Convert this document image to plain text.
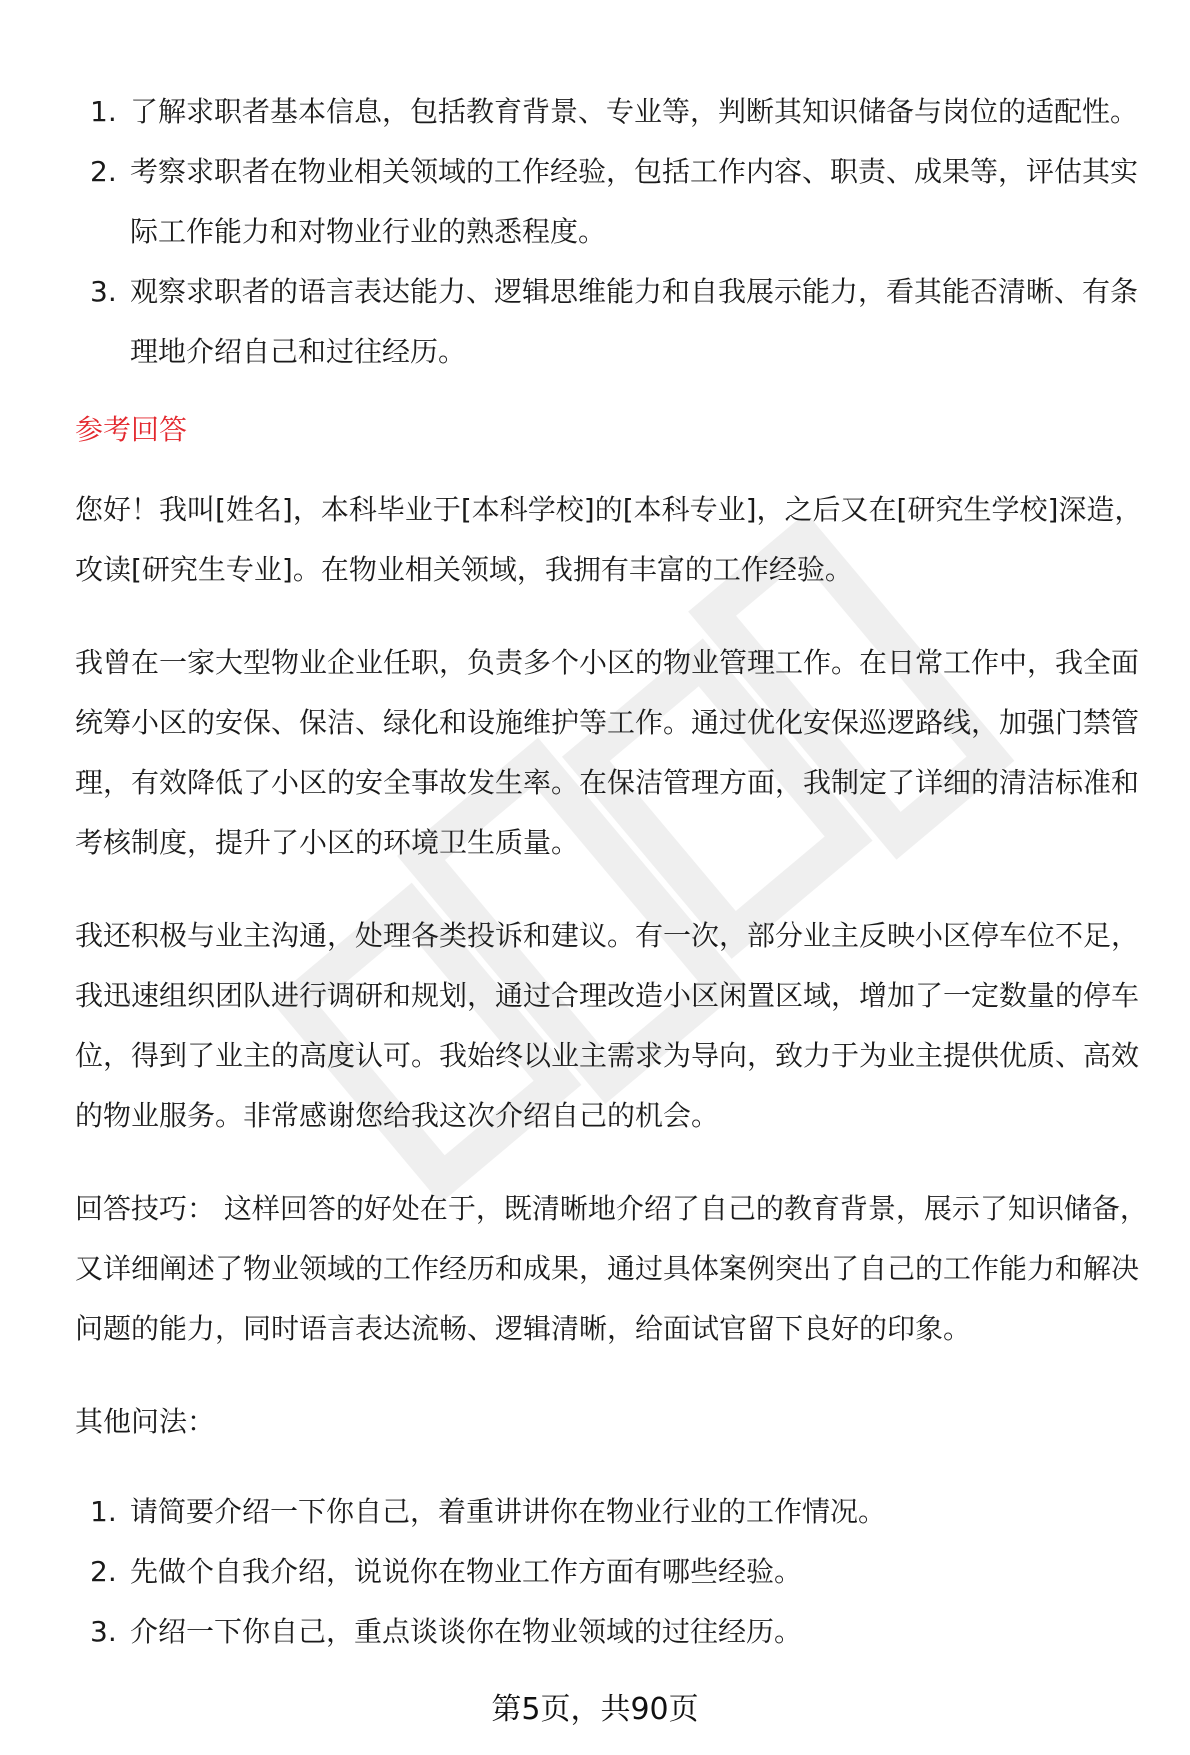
1. 了解求职者基本信息，包括教育背景、专业等，判断其知识储备与岗位的适配性。
2. 考察求职者在物业相关领域的工作经验，包括工作内容、职责、成果等，评估其实际工作能力和对物业行业的熟悉程度。
3. 观察求职者的语言表达能力、逻辑思维能力和自我展示能力，看其能否清晰、有条理地介绍自己和过往经历。
参考回答

您好！我叫[姓名]，本科毕业于[本科学校]的[本科专业]，之后又在[研究生学校]深造，攻读[研究生专业]。在物业相关领域，我拥有丰富的工作经验。

我曾在一家大型物业企业任职，负责多个小区的物业管理工作。在日常工作中，我全面统筹小区的安保、保洁、绿化和设施维护等工作。通过优化安保巡逻路线，加强门禁管理，有效降低了小区的安全事故发生率。在保洁管理方面，我制定了详细的清洁标准和考核制度，提升了小区的环境卫生质量。

我还积极与业主沟通，处理各类投诉和建议。有一次，部分业主反映小区停车位不足，我迅速组织团队进行调研和规划，通过合理改造小区闲置区域，增加了一定数量的停车位，得到了业主的高度认可。我始终以业主需求为导向，致力于为业主提供优质、高效的物业服务。非常感谢您给我这次介绍自己的机会。

回答技巧： 这样回答的好处在于，既清晰地介绍了自己的教育背景，展示了知识储备，又详细阐述了物业领域的工作经历和成果，通过具体案例突出了自己的工作能力和解决问题的能力，同时语言表达流畅、逻辑清晰，给面试官留下良好的印象。

其他问法：

1. 请简要介绍一下你自己，着重讲讲你在物业行业的工作情况。
2. 先做个自我介绍，说说你在物业工作方面有哪些经验。
3. 介绍一下你自己，重点谈谈你在物业领域的过往经历。
第5页，共90页
